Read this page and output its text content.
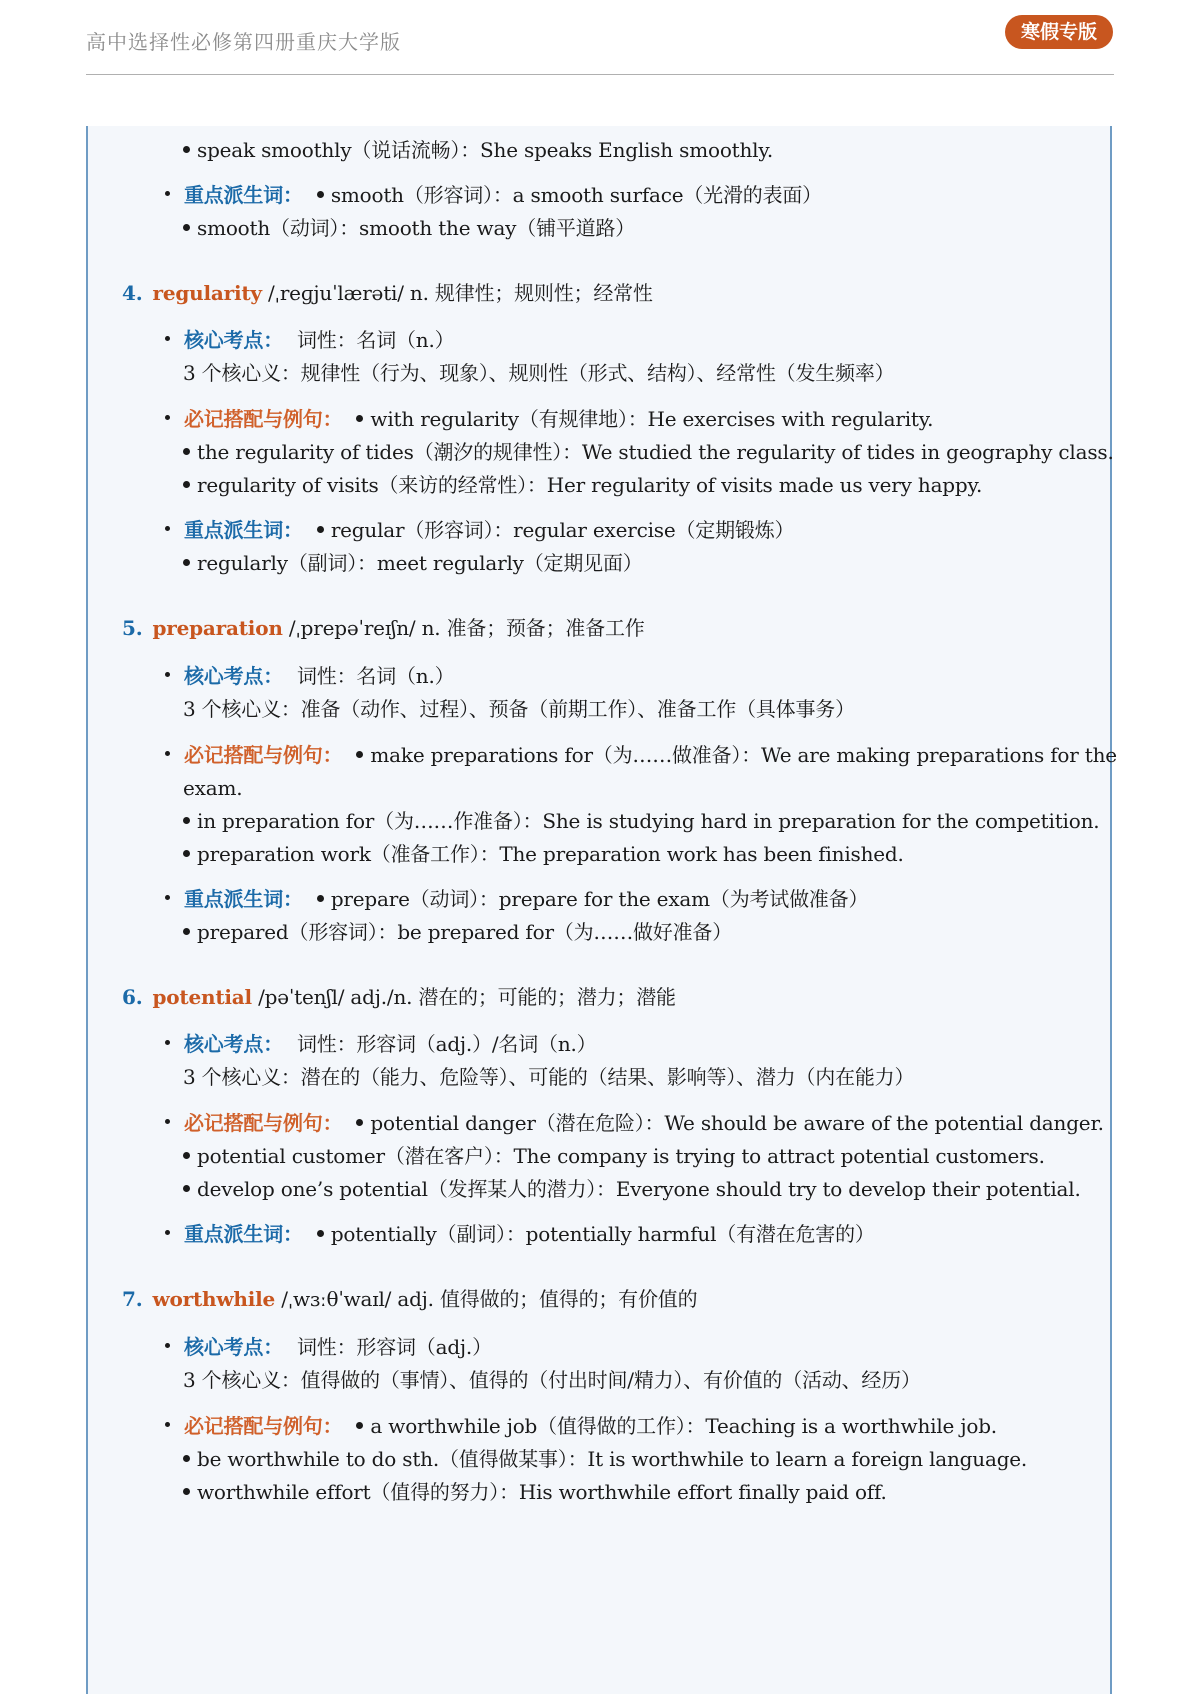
高中选择性必修第四册重庆大学版	寒假专版
speak smoothly（说话流畅）：She speaks English smoothly.
重点派生词： smooth（形容词）：a smooth surface（光滑的表面）
smooth（动词）：smooth the way（铺平道路）
4. regularity /ˌreɡjuˈlærəti/ n. 规律性；规则性；经常性
核心考点： 词性：名词（n.）
3 个核心义：规律性（行为、现象）、规则性（形式、结构）、经常性（发生频率）
必记搭配与例句： with regularity（有规律地）：He exercises with regularity.
the regularity of tides（潮汐的规律性）：We studied the regularity of tides in geography class.
regularity of visits（来访的经常性）：Her regularity of visits made us very happy.
重点派生词： regular（形容词）：regular exercise（定期锻炼）
regularly（副词）：meet regularly（定期见面）
5. preparation /ˌprepəˈreɪʃn/ n. 准备；预备；准备工作
核心考点： 词性：名词（n.）
3 个核心义：准备（动作、过程）、预备（前期工作）、准备工作（具体事务）
必记搭配与例句： make preparations for（为……做准备）：We are making preparations for the
exam.
in preparation for（为……作准备）：She is studying hard in preparation for the competition.
preparation work（准备工作）：The preparation work has been finished.
重点派生词： prepare（动词）：prepare for the exam（为考试做准备）
prepared（形容词）：be prepared for（为……做好准备）
6. potential /pəˈtenʃl/ adj./n. 潜在的；可能的；潜力；潜能
核心考点： 词性：形容词（adj.）/名词（n.）
3 个核心义：潜在的（能力、危险等）、可能的（结果、影响等）、潜力（内在能力）
必记搭配与例句： potential danger（潜在危险）：We should be aware of the potential danger.
potential customer（潜在客户）：The company is trying to attract potential customers.
develop one’s potential（发挥某人的潜力）：Everyone should try to develop their potential.
重点派生词： potentially（副词）：potentially harmful（有潜在危害的）
7. worthwhile /ˌwɜːθˈwaɪl/ adj. 值得做的；值得的；有价值的
核心考点： 词性：形容词（adj.）
3 个核心义：值得做的（事情）、值得的（付出时间/精力）、有价值的（活动、经历）
必记搭配与例句： a worthwhile job（值得做的工作）：Teaching is a worthwhile job.
be worthwhile to do sth.（值得做某事）：It is worthwhile to learn a foreign language.
worthwhile effort（值得的努力）：His worthwhile effort finally paid off.
